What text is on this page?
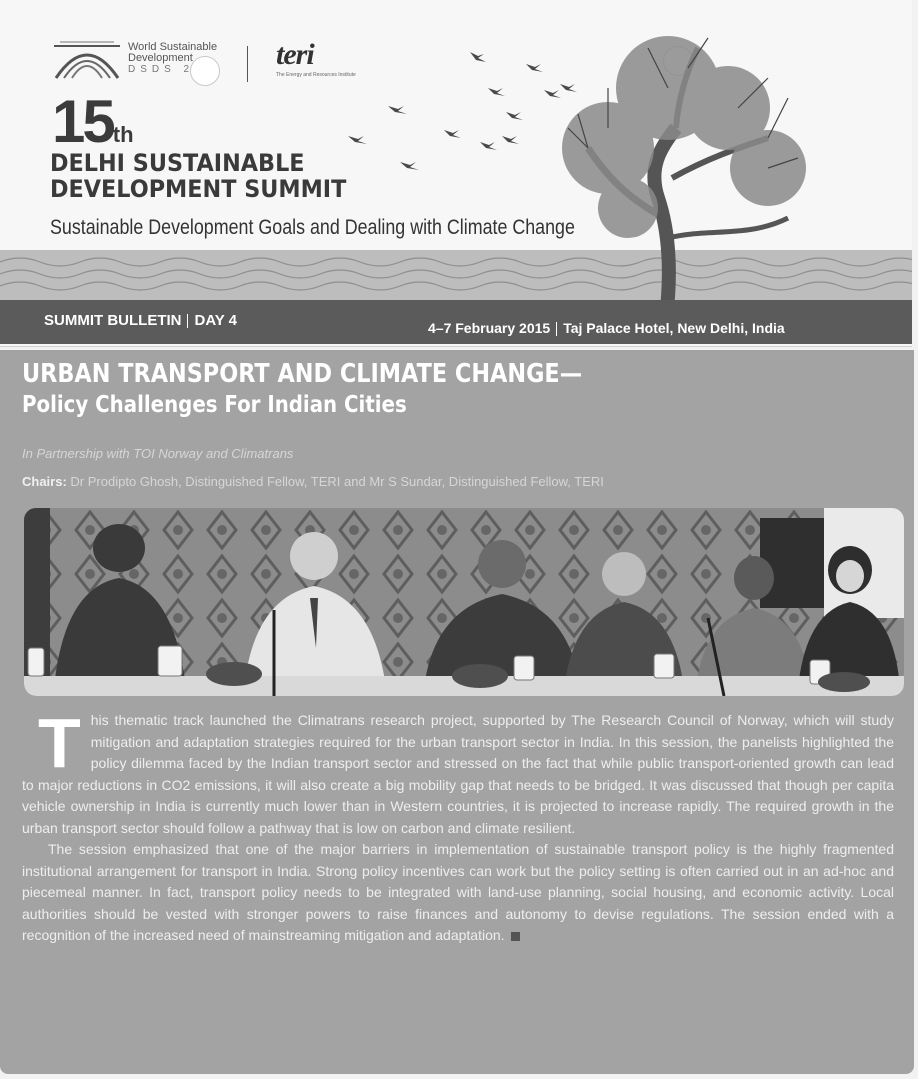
World Sustainable
Development
DSDS 2	teri
The Energy and Resources Institute
15th
DELHI SUSTAINABLE
DEVELOPMENT SUMMIT
Sustainable Development Goals and Dealing with Climate Change
SUMMIT BULLETIN DAY 4	4–7 February 2015 Taj Palace Hotel, New Delhi, India
URBAN TRANSPORT AND CLIMATE CHANGE—
Policy Challenges For Indian Cities
In Partnership with TOI Norway and Climatrans
Chairs: Dr Prodipto Ghosh, Distinguished Fellow, TERI and Mr S Sundar, Distinguished Fellow, TERI

This thematic track launched the Climatrans research project, supported by The Research Council of Norway, which will study mitigation and adaptation strategies required for the urban transport sector in India. In this session, the panelists highlighted the policy dilemma faced by the Indian transport sector and stressed on the fact that while public transport-oriented growth can lead to major reductions in CO2 emissions, it will also create a big mobility gap that needs to be bridged. It was discussed that though per capita vehicle ownership in India is currently much lower than in Western countries, it is projected to increase rapidly. The required growth in the urban transport sector should follow a pathway that is low on carbon and climate resilient.

The session emphasized that one of the major barriers in implementation of sustainable transport policy is the highly fragmented institutional arrangement for transport in India. Strong policy incentives can work but the policy setting is often carried out in an ad-hoc and piecemeal manner. In fact, transport policy needs to be integrated with land-use planning, social housing, and economic activity. Local authorities should be vested with stronger powers to raise finances and autonomy to devise regulations. The session ended with a recognition of the increased need of mainstreaming mitigation and adaptation.
